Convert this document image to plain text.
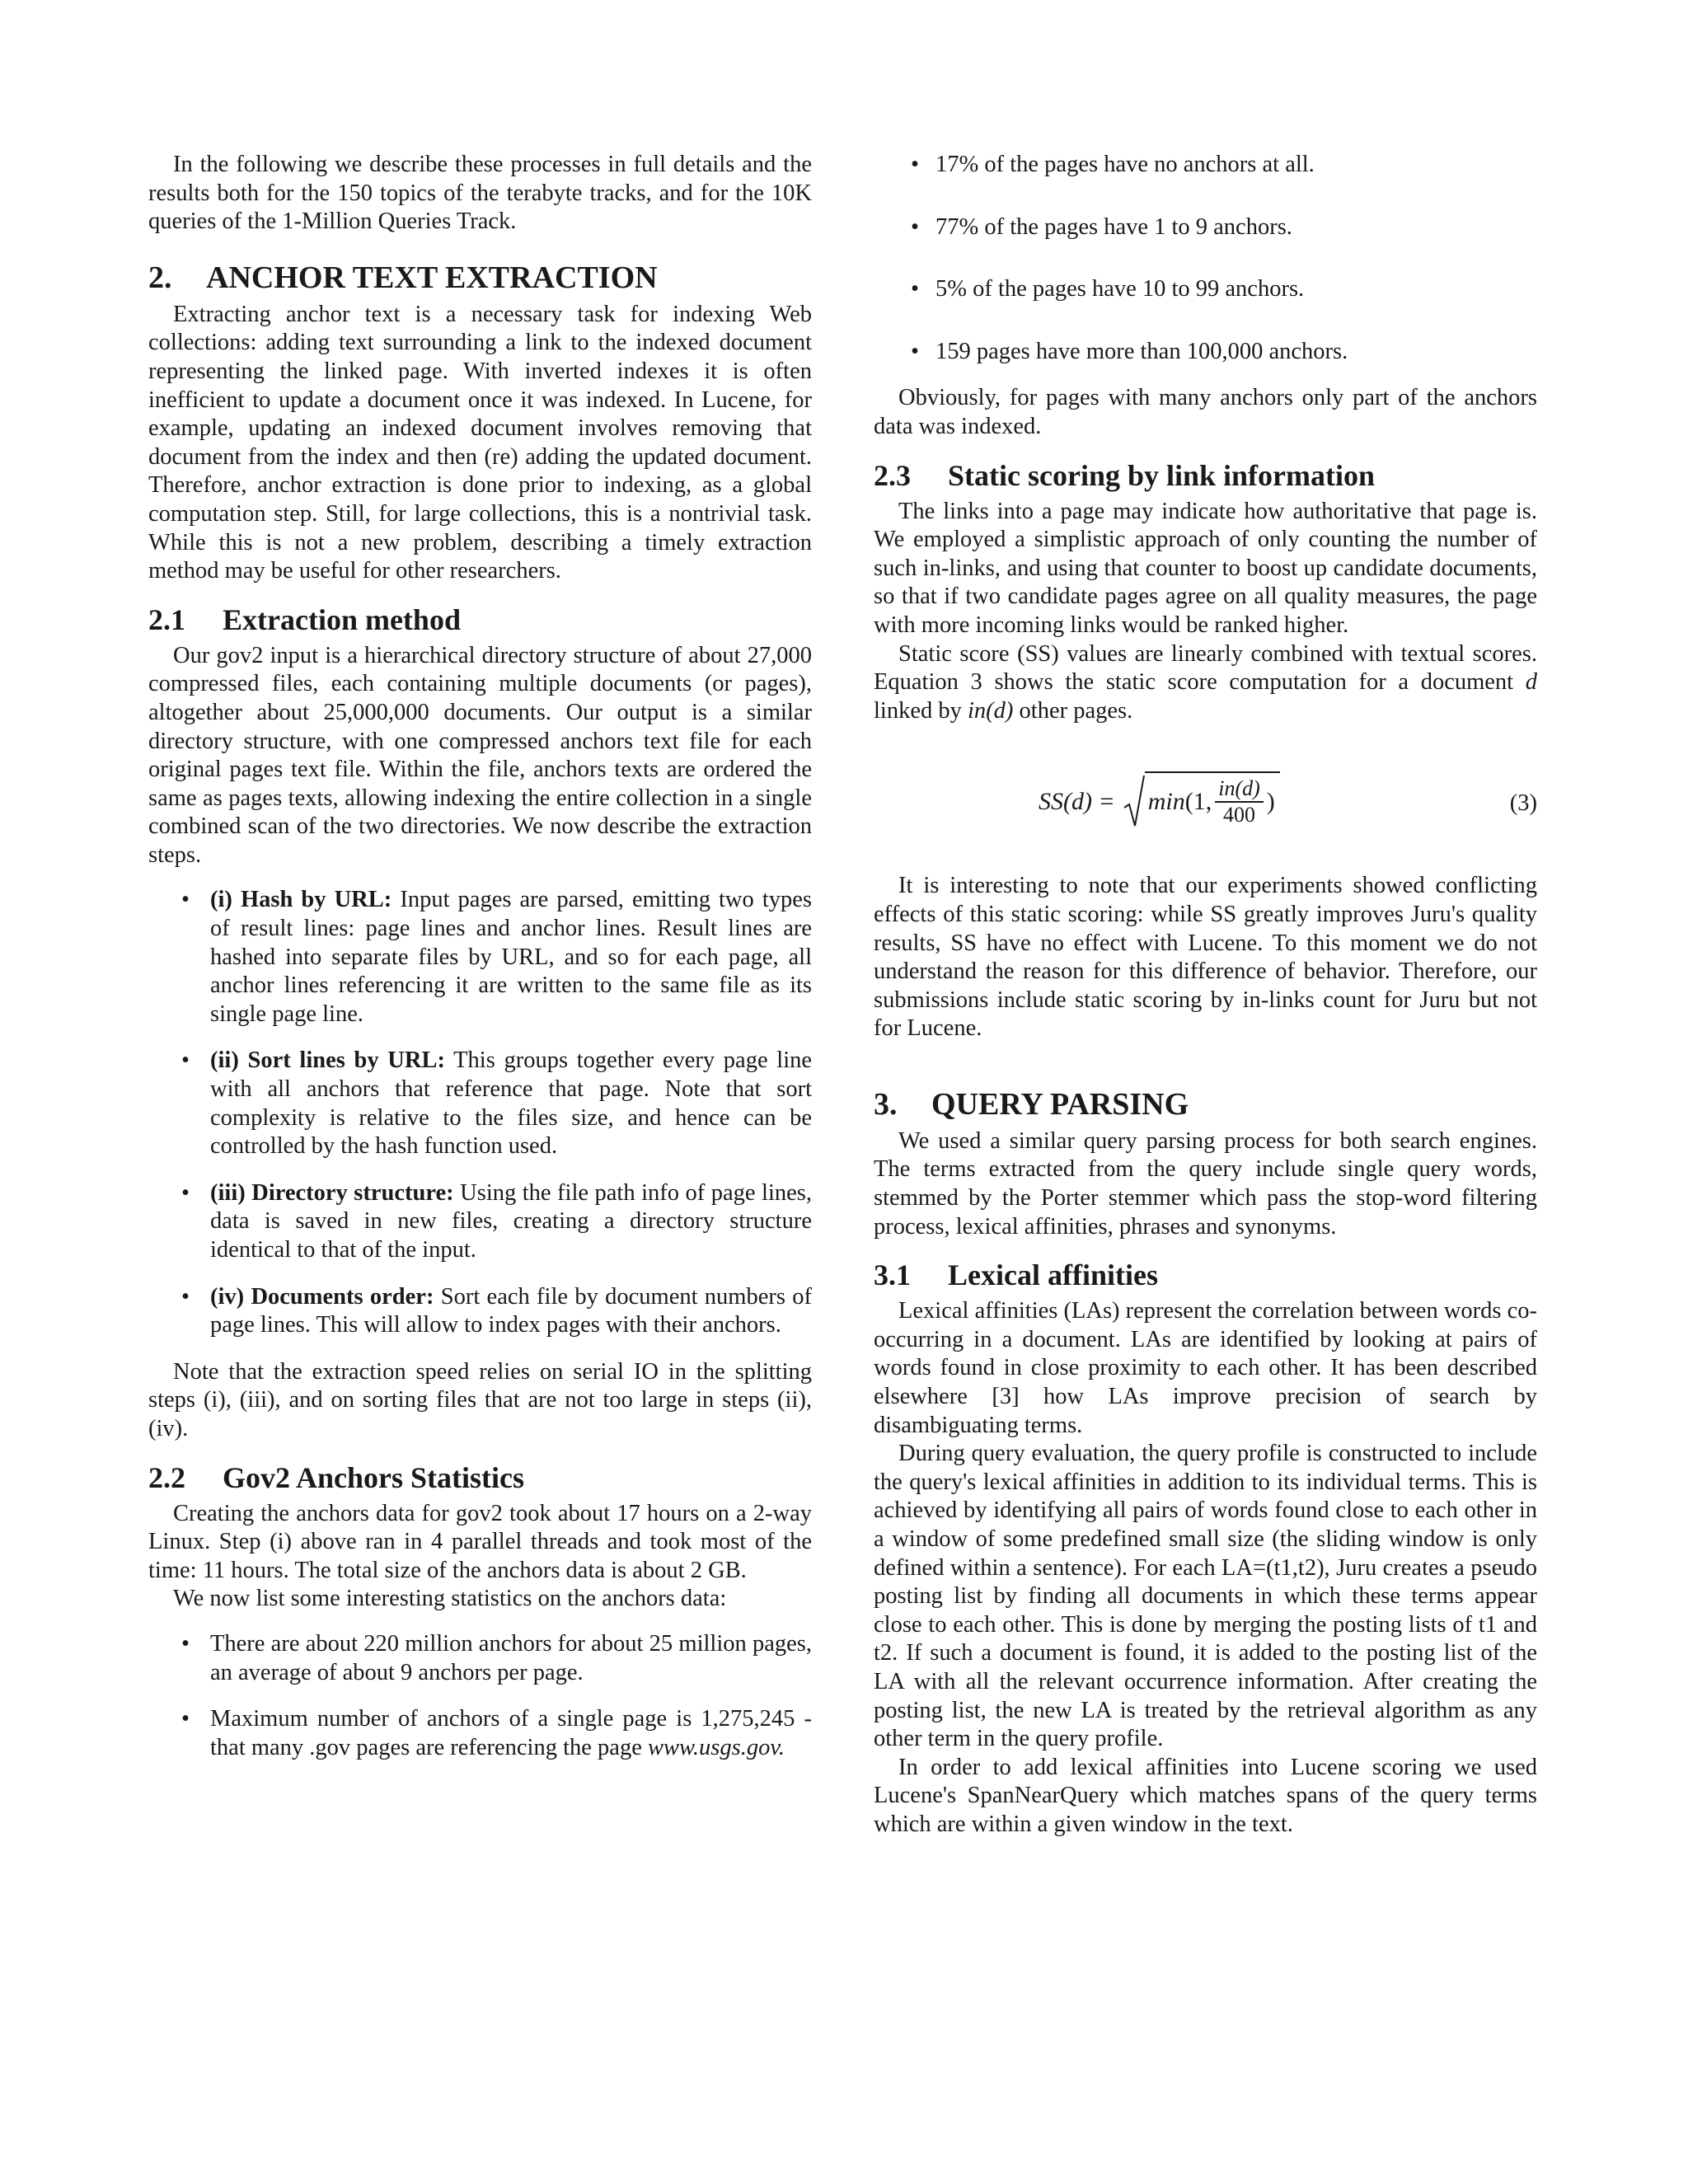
In the following we describe these processes in full details and the results both for the 150 topics of the terabyte tracks, and for the 10K queries of the 1-Million Queries Track.

2. ANCHOR TEXT EXTRACTION

Extracting anchor text is a necessary task for indexing Web collections: adding text surrounding a link to the indexed document representing the linked page. With inverted indexes it is often inefficient to update a document once it was indexed. In Lucene, for example, updating an indexed document involves removing that document from the index and then (re) adding the updated document. Therefore, anchor extraction is done prior to indexing, as a global computation step. Still, for large collections, this is a nontrivial task. While this is not a new problem, describing a timely extraction method may be useful for other researchers.

2.1 Extraction method

Our gov2 input is a hierarchical directory structure of about 27,000 compressed files, each containing multiple documents (or pages), altogether about 25,000,000 documents. Our output is a similar directory structure, with one compressed anchors text file for each original pages text file. Within the file, anchors texts are ordered the same as pages texts, allowing indexing the entire collection in a single combined scan of the two directories. We now describe the extraction steps.

• (i) Hash by URL: Input pages are parsed, emitting two types of result lines: page lines and anchor lines. Result lines are hashed into separate files by URL, and so for each page, all anchor lines referencing it are written to the same file as its single page line.
• (ii) Sort lines by URL: This groups together every page line with all anchors that reference that page. Note that sort complexity is relative to the files size, and hence can be controlled by the hash function used.
• (iii) Directory structure: Using the file path info of page lines, data is saved in new files, creating a directory structure identical to that of the input.
• (iv) Documents order: Sort each file by document numbers of page lines. This will allow to index pages with their anchors.

Note that the extraction speed relies on serial IO in the splitting steps (i), (iii), and on sorting files that are not too large in steps (ii), (iv).

2.2 Gov2 Anchors Statistics

Creating the anchors data for gov2 took about 17 hours on a 2-way Linux. Step (i) above ran in 4 parallel threads and took most of the time: 11 hours. The total size of the anchors data is about 2 GB.

We now list some interesting statistics on the anchors data:

• There are about 220 million anchors for about 25 million pages, an average of about 9 anchors per page.
• Maximum number of anchors of a single page is 1,275,245 - that many .gov pages are referencing the page www.usgs.gov.
• 17% of the pages have no anchors at all.
• 77% of the pages have 1 to 9 anchors.
• 5% of the pages have 10 to 99 anchors.
• 159 pages have more than 100,000 anchors.

Obviously, for pages with many anchors only part of the anchors data was indexed.

2.3 Static scoring by link information

The links into a page may indicate how authoritative that page is. We employed a simplistic approach of only counting the number of such in-links, and using that counter to boost up candidate documents, so that if two candidate pages agree on all quality measures, the page with more incoming links would be ranked higher.

Static score (SS) values are linearly combined with textual scores. Equation 3 shows the static score computation for a document d linked by in(d) other pages.

SS(d) = min (1, $\frac{in(d)}{400}$ )	(3)

It is interesting to note that our experiments showed conflicting effects of this static scoring: while SS greatly improves Juru's quality results, SS have no effect with Lucene. To this moment we do not understand the reason for this difference of behavior. Therefore, our submissions include static scoring by in-links count for Juru but not for Lucene.

3. QUERY PARSING

We used a similar query parsing process for both search engines. The terms extracted from the query include single query words, stemmed by the Porter stemmer which pass the stop-word filtering process, lexical affinities, phrases and synonyms.

3.1 Lexical affinities

Lexical affinities (LAs) represent the correlation between words co-occurring in a document. LAs are identified by looking at pairs of words found in close proximity to each other. It has been described elsewhere [3] how LAs improve precision of search by disambiguating terms.

During query evaluation, the query profile is constructed to include the query's lexical affinities in addition to its individual terms. This is achieved by identifying all pairs of words found close to each other in a window of some predefined small size (the sliding window is only defined within a sentence). For each LA=(t1,t2), Juru creates a pseudo posting list by finding all documents in which these terms appear close to each other. This is done by merging the posting lists of t1 and t2. If such a document is found, it is added to the posting list of the LA with all the relevant occurrence information. After creating the posting list, the new LA is treated by the retrieval algorithm as any other term in the query profile.

In order to add lexical affinities into Lucene scoring we used Lucene's SpanNearQuery which matches spans of the query terms which are within a given window in the text.
